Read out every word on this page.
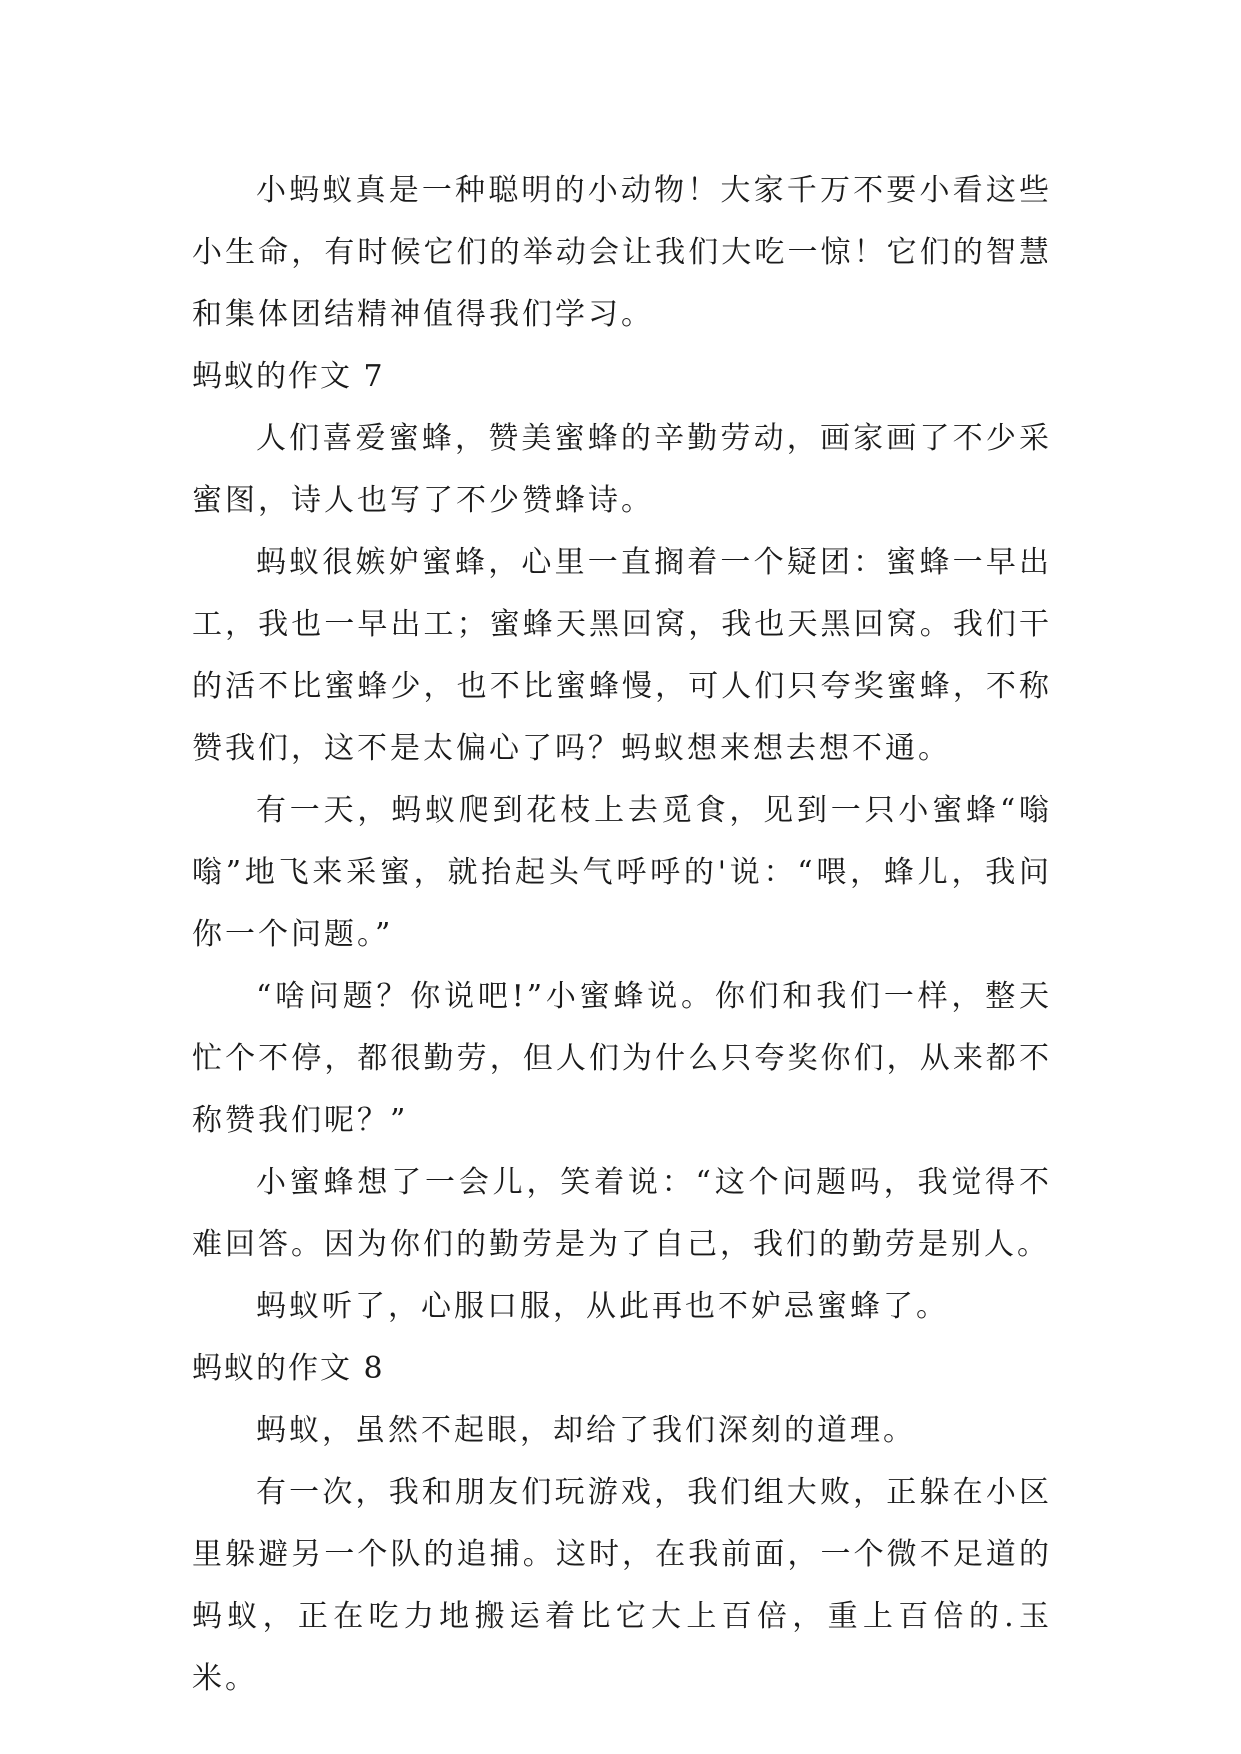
小蚂蚁真是一种聪明的小动物！大家千万不要小看这些小生命，有时候它们的举动会让我们大吃一惊！它们的智慧和集体团结精神值得我们学习。

蚂蚁的作文 7

人们喜爱蜜蜂，赞美蜜蜂的辛勤劳动，画家画了不少采蜜图，诗人也写了不少赞蜂诗。

蚂蚁很嫉妒蜜蜂，心里一直搁着一个疑团：蜜蜂一早出工，我也一早出工；蜜蜂天黑回窝，我也天黑回窝。我们干的活不比蜜蜂少，也不比蜜蜂慢，可人们只夸奖蜜蜂，不称赞我们，这不是太偏心了吗？蚂蚁想来想去想不通。

有一天，蚂蚁爬到花枝上去觅食，见到一只小蜜蜂“嗡嗡”地飞来采蜜，就抬起头气呼呼的'说：“喂，蜂儿，我问你一个问题。”

“啥问题？你说吧!”小蜜蜂说。你们和我们一样，整天忙个不停，都很勤劳，但人们为什么只夸奖你们，从来都不称赞我们呢？”

小蜜蜂想了一会儿，笑着说：“这个问题吗，我觉得不难回答。因为你们的勤劳是为了自己，我们的勤劳是别人。

蚂蚁听了，心服口服，从此再也不妒忌蜜蜂了。

蚂蚁的作文 8

蚂蚁，虽然不起眼，却给了我们深刻的道理。

有一次，我和朋友们玩游戏，我们组大败，正躲在小区里躲避另一个队的追捕。这时，在我前面，一个微不足道的蚂蚁，正在吃力地搬运着比它大上百倍，重上百倍的.玉米。
